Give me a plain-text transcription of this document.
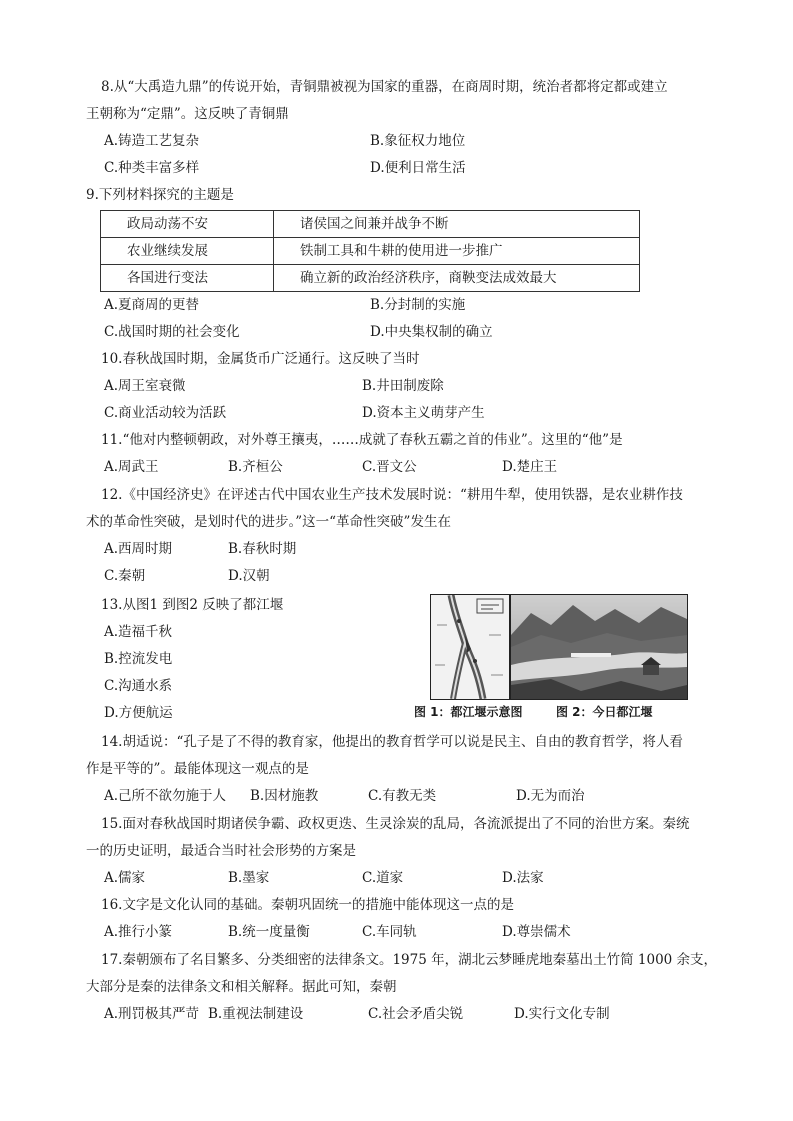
8.从“大禹造九鼎”的传说开始，青铜鼎被视为国家的重器，在商周时期，统治者都将定都或建立
王朝称为“定鼎”。这反映了青铜鼎
A.铸造工艺复杂	B.象征权力地位
C.种类丰富多样	D.便利日常生活
9.下列材料探究的主题是
政局动荡不安	诸侯国之间兼并战争不断
农业继续发展	铁制工具和牛耕的使用进一步推广
各国进行变法	确立新的政治经济秩序，商鞅变法成效最大
A.夏商周的更替	B.分封制的实施
C.战国时期的社会变化	D.中央集权制的确立
10.春秋战国时期，金属货币广泛通行。这反映了当时
A.周王室衰微	B.井田制废除
C.商业活动较为活跃	D.资本主义萌芽产生
11.“他对内整顿朝政，对外尊王攘夷，……成就了春秋五霸之首的伟业”。这里的“他”是
A.周武王	B.齐桓公	C.晋文公	D.楚庄王
12.《中国经济史》在评述古代中国农业生产技术发展时说：“耕用牛犁，使用铁器，是农业耕作技
术的革命性突破，是划时代的进步。”这一“革命性突破”发生在
A.西周时期	B.春秋时期
C.秦朝	D.汉朝
13.从图1 到图2 反映了都江堰
A.造福千秋
B.控流发电
C.沟通水系
D.方便航运	图 1：都江堰示意图	图 2：今日都江堰
14.胡适说：“孔子是了不得的教育家，他提出的教育哲学可以说是民主、自由的教育哲学，将人看
作是平等的”。最能体现这一观点的是
A.己所不欲勿施于人 B.因材施教	C.有教无类	D.无为而治
15.面对春秋战国时期诸侯争霸、政权更迭、生灵涂炭的乱局，各流派提出了不同的治世方案。秦统
一的历史证明，最适合当时社会形势的方案是
A.儒家	B.墨家	C.道家	D.法家
16.文字是文化认同的基础。秦朝巩固统一的措施中能体现这一点的是
A.推行小篆	B.统一度量衡	C.车同轨	D.尊崇儒术
17.秦朝颁布了名目繁多、分类细密的法律条文。1975 年，湖北云梦睡虎地秦墓出土竹简 1000 余支，
大部分是秦的法律条文和相关解释。据此可知，秦朝
A.刑罚极其严苛 B.重视法制建设	C.社会矛盾尖锐	D.实行文化专制
